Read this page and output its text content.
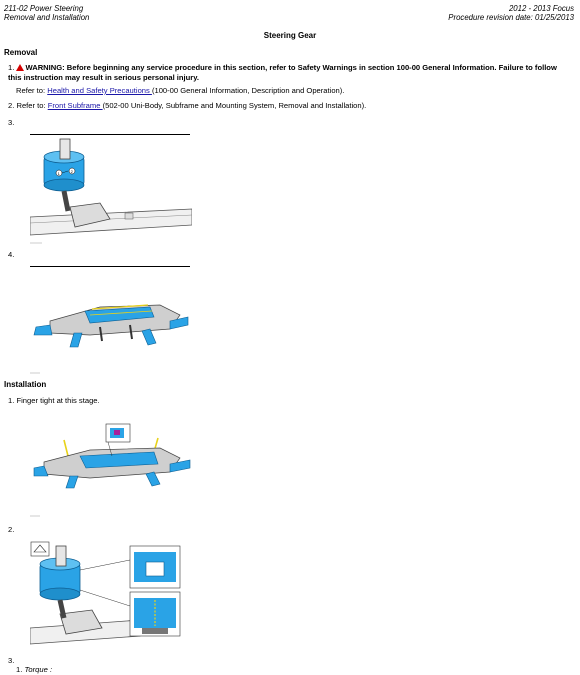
211-02 Power Steering
Removal and Installation
2012 - 2013 Focus
Procedure revision date: 01/25/2013
Steering Gear
Removal
1. WARNING: Before beginning any service procedure in this section, refer to Safety Warnings in section 100-00 General Information. Failure to follow this instruction may result in serious personal injury.
Refer to: Health and Safety Precautions (100-00 General Information, Description and Operation).
2. Refer to: Front Subframe (502-00 Uni-Body, Subframe and Mounting System, Removal and Installation).
3.
1	2
4.
Installation
1. Finger tight at this stage.
2.
3.
1. Torque :
